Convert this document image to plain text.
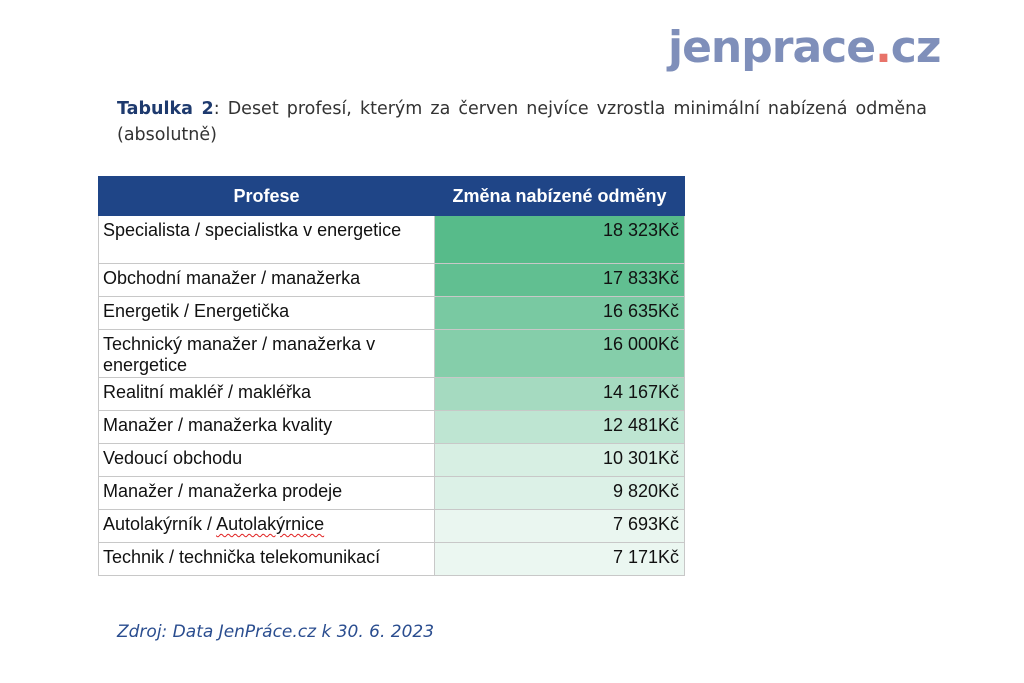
jenprace.cz
Tabulka 2: Deset profesí, kterým za červen nejvíce vzrostla minimální nabízená odměna (absolutně)
Profese	Změna nabízené odměny
Specialista / specialistka v energetice	18 323Kč
Obchodní manažer / manažerka	17 833Kč
Energetik / Energetička	16 635Kč
Technický manažer / manažerka v energetice	16 000Kč
Realitní makléř / makléřka	14 167Kč
Manažer / manažerka kvality	12 481Kč
Vedoucí obchodu	10 301Kč
Manažer / manažerka prodeje	9 820Kč
Autolakýrník / Autolakýrnice	7 693Kč
Technik / technička telekomunikací	7 171Kč
Zdroj: Data JenPráce.cz k 30. 6. 2023
